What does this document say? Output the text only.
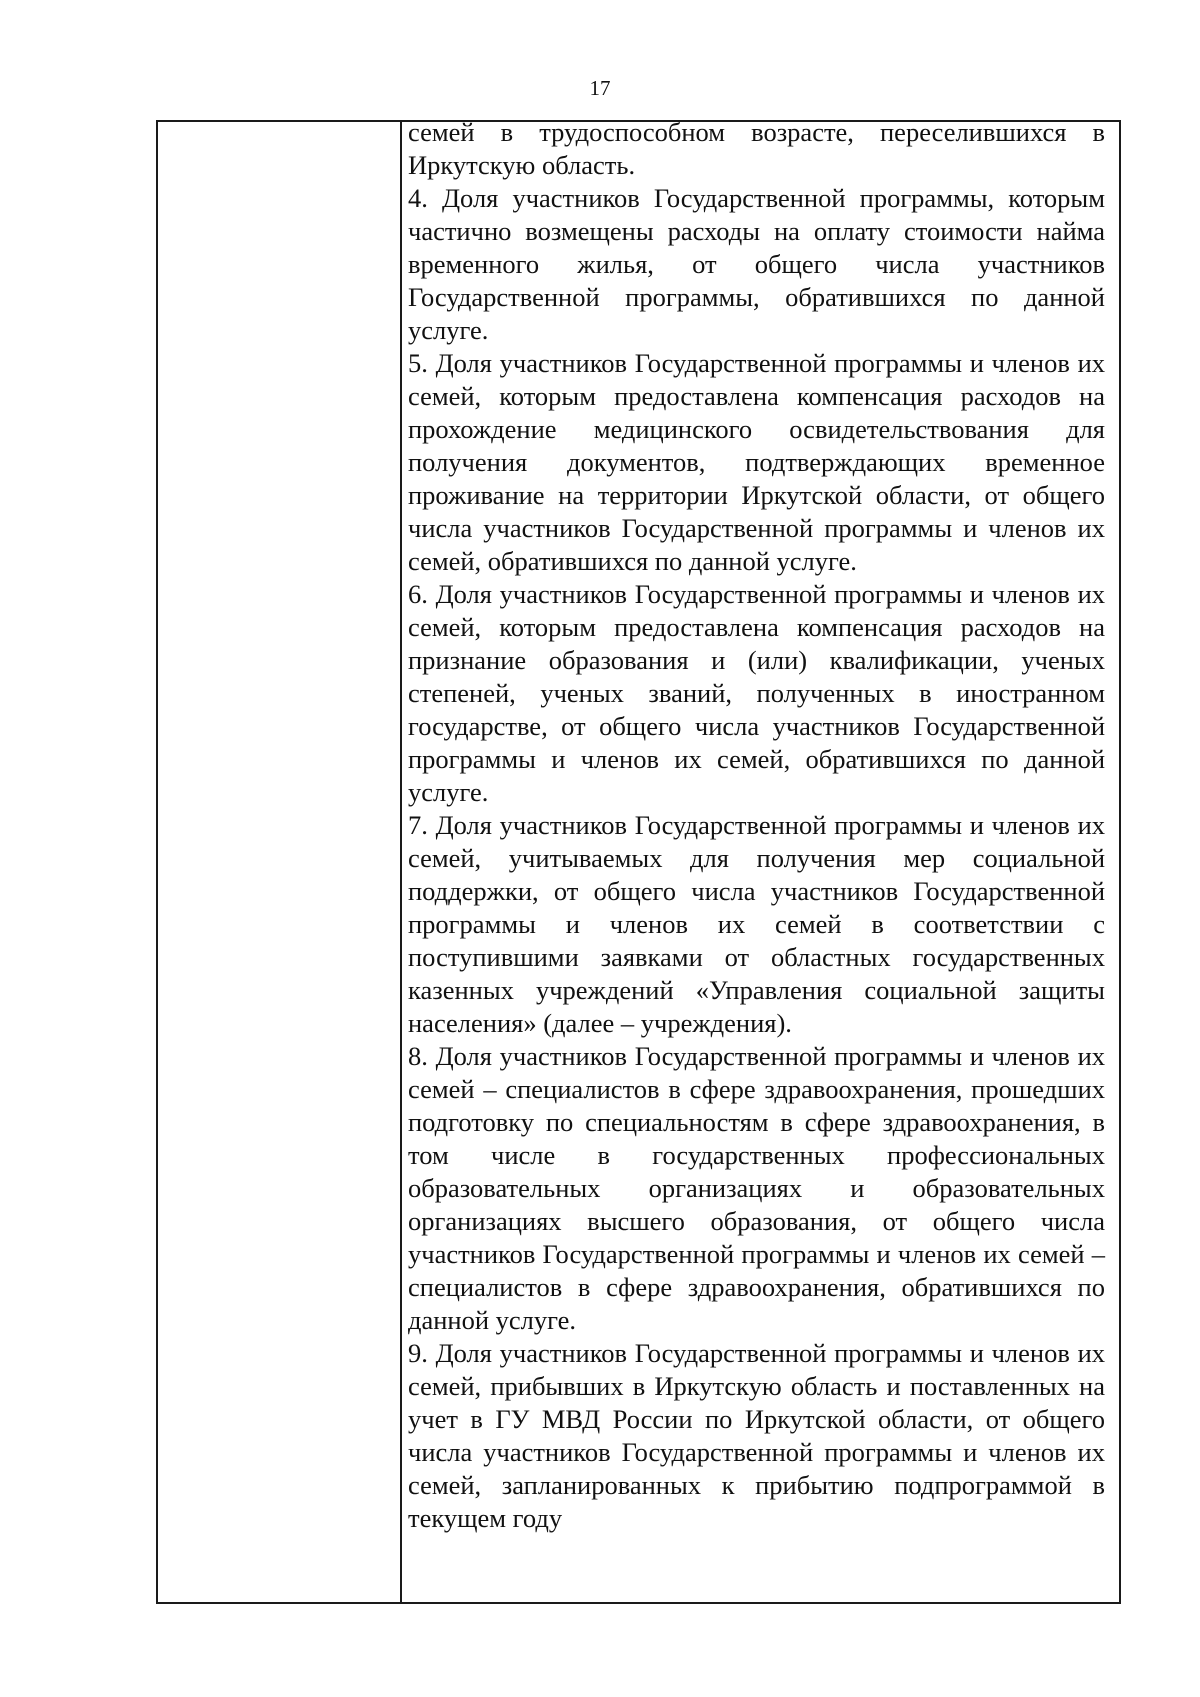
17

семей в трудоспособном возрасте, переселившихся в Иркутскую область.

4. Доля участников Государственной программы, которым частично возмещены расходы на оплату стоимости найма временного жилья, от общего числа участников Государственной программы, обратившихся по данной услуге.

5. Доля участников Государственной программы и членов их семей, которым предоставлена компенсация расходов на прохождение медицинского освидетельствования для получения документов, подтверждающих временное проживание на территории Иркутской области, от общего числа участников Государственной программы и членов их семей, обратившихся по данной услуге.

6. Доля участников Государственной программы и членов их семей, которым предоставлена компенсация расходов на признание образования и (или) квалификации, ученых степеней, ученых званий, полученных в иностранном государстве, от общего числа участников Государственной программы и членов их семей, обратившихся по данной услуге.

7. Доля участников Государственной программы и членов их семей, учитываемых для получения мер социальной поддержки, от общего числа участников Государственной программы и членов их семей в соответствии с поступившими заявками от областных государственных казенных учреждений «Управления социальной защиты населения» (далее – учреждения).

8. Доля участников Государственной программы и членов их семей – специалистов в сфере здравоохранения, прошедших подготовку по специальностям в сфере здравоохранения, в том числе в государственных профессиональных образовательных организациях и образовательных организациях высшего образования, от общего числа участников Государственной программы и членов их семей – специалистов в сфере здравоохранения, обратившихся по данной услуге.

9. Доля участников Государственной программы и членов их семей, прибывших в Иркутскую область и поставленных на учет в ГУ МВД России по Иркутской области, от общего числа участников Государственной программы и членов их семей, запланированных к прибытию подпрограммой в текущем году
